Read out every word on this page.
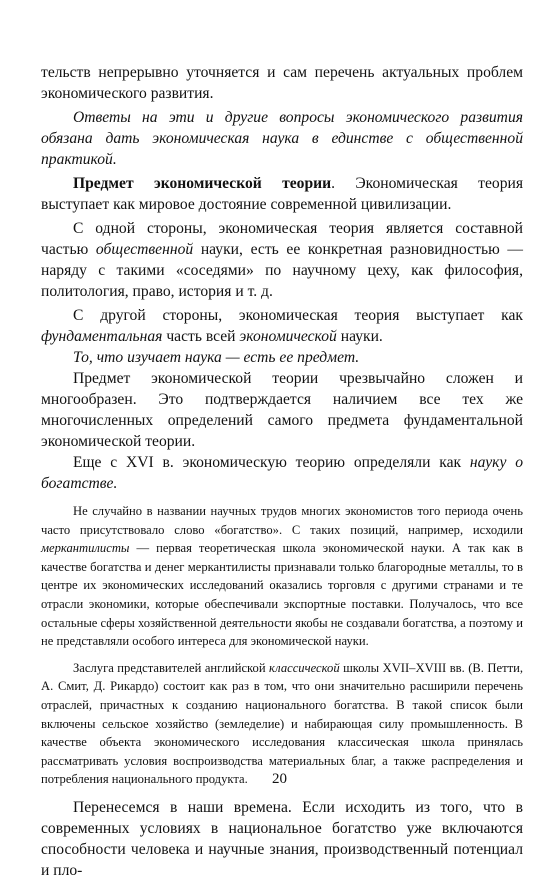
тельств непрерывно уточняется и сам перечень актуальных проблем экономического развития.

Ответы на эти и другие вопросы экономического развития обязана дать экономическая наука в единстве с общественной практикой.

Предмет экономической теории. Экономическая теория выступает как мировое достояние современной цивилизации.

С одной стороны, экономическая теория является составной частью общественной науки, есть ее конкретная разновидностью — наряду с такими «соседями» по научному цеху, как философия, политология, право, история и т. д.

С другой стороны, экономическая теория выступает как фундаментальная часть всей экономической науки.

То, что изучает наука — есть ее предмет.

Предмет экономической теории чрезвычайно сложен и многообразен. Это подтверждается наличием все тех же многочисленных определений самого предмета фундаментальной экономической теории.

Еще с XVI в. экономическую теорию определяли как науку о богатстве.

Не случайно в названии научных трудов многих экономистов того периода очень часто присутствовало слово «богатство». С таких позиций, например, исходили меркантилисты — первая теоретическая школа экономической науки. А так как в качестве богатства и денег меркантилисты признавали только благородные металлы, то в центре их экономических исследований оказались торговля с другими странами и те отрасли экономики, которые обеспечивали экспортные поставки. Получалось, что все остальные сферы хозяйственной деятельности якобы не создавали богатства, а поэтому и не представляли особого интереса для экономической науки.

Заслуга представителей английской классической школы XVII–XVIII вв. (В. Петти, А. Смит, Д. Рикардо) состоит как раз в том, что они значительно расширили перечень отраслей, причастных к созданию национального богатства. В такой список были включены сельское хозяйство (земледелие) и набирающая силу промышленность. В качестве объекта экономического исследования классическая школа принялась рассматривать условия воспроизводства материальных благ, а также распределения и потребления национального продукта.

Перенесемся в наши времена. Если исходить из того, что в современных условиях в национальное богатство уже включаются способности человека и научные знания, производственный потенциал и пло-

20
